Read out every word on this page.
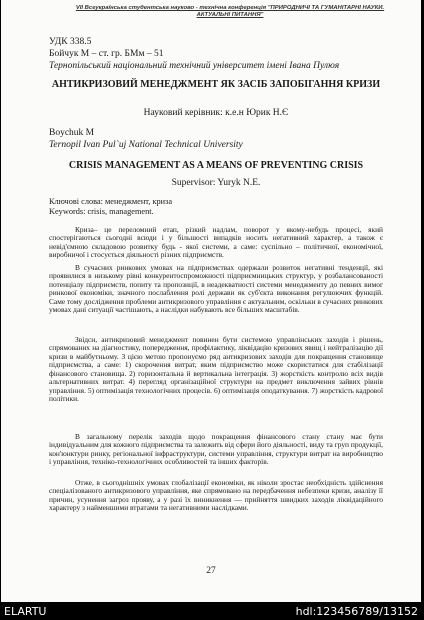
VII Всеукраїнська студентська науково - технічна конференція "ПРИРОДНИЧІ ТА ГУМАНІТАРНІ НАУКИ. АКТУАЛЬНІ ПИТАННЯ"
УДК 338.5
Бойчук М – ст. гр. БМм – 51
Тернопільський національний технічний університет імені Івана Пулюя
АНТИКРИЗОВИЙ МЕНЕДЖМЕНТ ЯК ЗАСІБ ЗАПОБІГАННЯ КРИЗИ
Науковий керівник: к.е.н Юрик Н.Є
Boychuk M
Ternopil Ivan Pul`uj National Technical University
CRISIS MANAGEMENT AS A MEANS OF PREVENTING CRISIS
Supervisor: Yuryk N.E.
Ключові слова: менеджмент, криза
Keywords: crisis, management.
Криза– це переломний етап, різкий надлам, поворот у якому-небудь процесі, який спостерігаються сьогодні всюди і у більшості випадків носить негативний характер, а також є невід'ємною складовою розвитку будь - якої системи, а саме: суспільно – політичної, економічної, виробничої і стосується діяльності різних підприємств.
В сучасних ринкових умовах на підприємствах одержали розвиток негативні тенденції, які проявилися в низькому рівні конкурентоспроможності підприємницьких структур, у розбалансованості потенціалу підприємств, попиту та пропозиції, в неадекватності системи менеджменту до певних вимог ринкової економіки, значного послаблення ролі держави як суб'єкта виконання регулюючих функцій. Саме тому дослідження проблеми антикризового управління є актуальним, оскільки в сучасних ринкових умовах дані ситуації частішають, а наслідки набувають все більших масштабів.
Звідси, антикризовий менеджмент повинен бути системою управлінських заходів і рішень, спрямованих на діагностику, попередження, профілактику, ліквідацію кризових явищ і нейтралізацію дії кризи в майбутньому. З цією метою пропонуємо ряд антикризових заходів для покращення становище підприємства, а саме: 1) скорочення витрат, яким підприємство може скористатися для стабілізації фінансового становища. 2) горизонтальна й вертикальна інтеграція. 3) жорсткість контролю всіх видів альтернативних витрат. 4) перегляд організаційної структури на предмет виключення зайвих рівнів управління. 5) оптимізація технологічних процесів. 6) оптимізація оподаткування. 7) жорсткість кадрової політики.
В загальному перелік заходів щодо покращення фінансового стану стану має бути індивідуальним для кожного підприємства та залежить від сфери його діяльності, виду та груп продукції, кон'юнктури ринку, регіональної інфраструктури, системи управління, структури витрат на виробництво і управління, техніко-технологічних особливостей та інших факторів.
Отже, в сьогоднішніх умовах глобалізації економіки, як ніколи зростає необхідність здійснення спеціалізованого антикризового управління, яке спрямовано на передбачення небезпеки кризи, аналізу її причин, усунення загроз прояву, а у разі їх виникнення — прийняття швидких заходів ліквідаційного характеру з найменшими втратами та негативними наслідками.
27
ELARTU	hdl:123456789/13152
